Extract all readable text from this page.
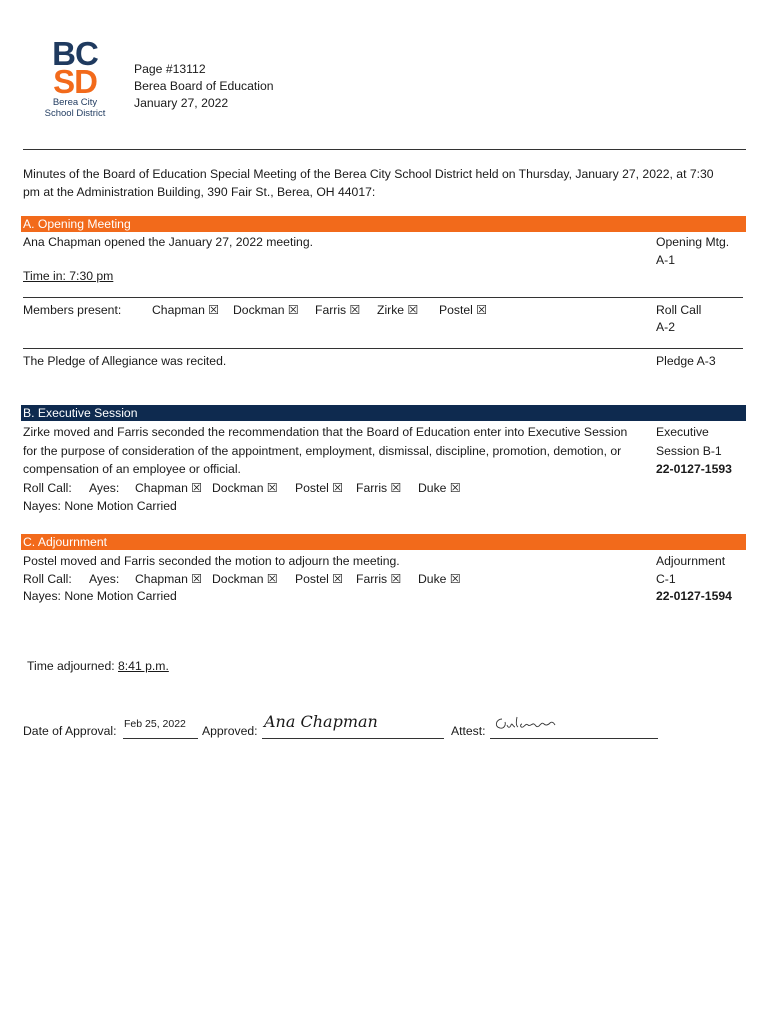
BC
SD
Berea City
School District
Page #13112
Berea Board of Education
January 27, 2022
Minutes of the Board of Education Special Meeting of the Berea City School District held on Thursday, January 27, 2022, at 7:30
pm at the Administration Building, 390 Fair St., Berea, OH 44017:
A. Opening Meeting
Ana Chapman opened the January 27, 2022 meeting.	Opening Mtg.
A-1
Time in: 7:30 pm
Members present:	Chapman ☒ Dockman ☒ Farris ☒ Zirke ☒ Postel ☒	Roll Call
A-2
The Pledge of Allegiance was recited.	Pledge A-3
B. Executive Session
Zirke moved and Farris seconded the recommendation that the Board of Education enter into Executive Session
for the purpose of consideration of the appointment, employment, dismissal, discipline, promotion, demotion, or
compensation of an employee or official.
Roll Call: Ayes: Chapman ☒ Dockman ☒ Postel ☒ Farris ☒ Duke ☒
Nayes: None Motion Carried
Executive
Session B-1
22-0127-1593
C. Adjournment
Postel moved and Farris seconded the motion to adjourn the meeting.
Roll Call: Ayes: Chapman ☒ Dockman ☒ Postel ☒ Farris ☒ Duke ☒
Nayes: None Motion Carried
Adjournment
C-1
22-0127-1594
Time adjourned: 8:41 p.m.
Date of Approval: Feb 25, 2022 Approved: Ana Chapman	Attest:
